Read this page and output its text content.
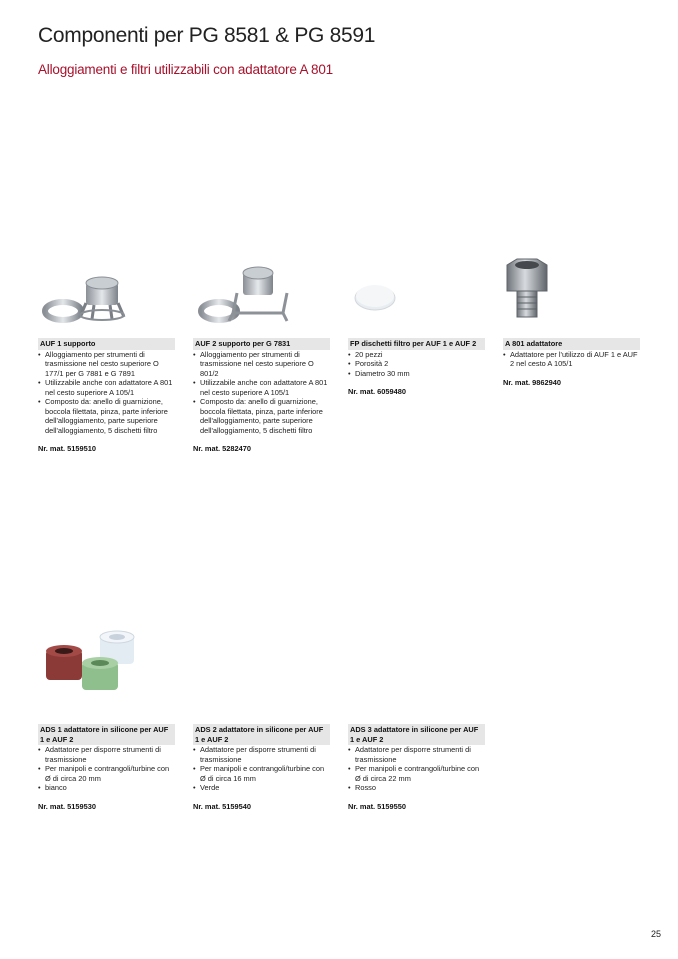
Componenti per PG 8581 & PG 8591
Alloggiamenti e filtri utilizzabili con adattatore A 801
AUF 1 supporto
• Alloggiamento per strumenti di trasmissione nel cesto superiore O 177/1 per G 7881 e G 7891
• Utilizzabile anche con adattatore A 801 nel cesto superiore A 105/1
• Composto da: anello di guarnizione, boccola filettata, pinza, parte inferiore dell'alloggiamento, parte superiore dell'alloggiamento, 5 dischetti filtro
Nr. mat. 5159510
AUF 2 supporto per G 7831
• Alloggiamento per strumenti di trasmissione nel cesto superiore O 801/2
• Utilizzabile anche con adattatore A 801 nel cesto superiore A 105/1
• Composto da: anello di guarnizione, boccola filettata, pinza, parte inferiore dell'alloggiamento, parte superiore dell'alloggiamento, 5 dischetti filtro
Nr. mat. 5282470
FP dischetti filtro per AUF 1 e AUF 2
• 20 pezzi
• Porosità 2
• Diametro 30 mm
Nr. mat. 6059480
A 801 adattatore
• Adattatore per l'utilizzo di AUF 1 e AUF 2 nel cesto A 105/1
Nr. mat. 9862940
ADS 1 adattatore in silicone per AUF 1 e AUF 2
• Adattatore per disporre strumenti di trasmissione
• Per manipoli e contrangoli/turbine con Ø di circa 20 mm
• bianco
Nr. mat. 5159530
ADS 2 adattatore in silicone per AUF 1 e AUF 2
• Adattatore per disporre strumenti di trasmissione
• Per manipoli e contrangoli/turbine con Ø di circa 16 mm
• Verde
Nr. mat. 5159540
ADS 3 adattatore in silicone per AUF 1 e AUF 2
• Adattatore per disporre strumenti di trasmissione
• Per manipoli e contrangoli/turbine con Ø di circa 22 mm
• Rosso
Nr. mat. 5159550
25
